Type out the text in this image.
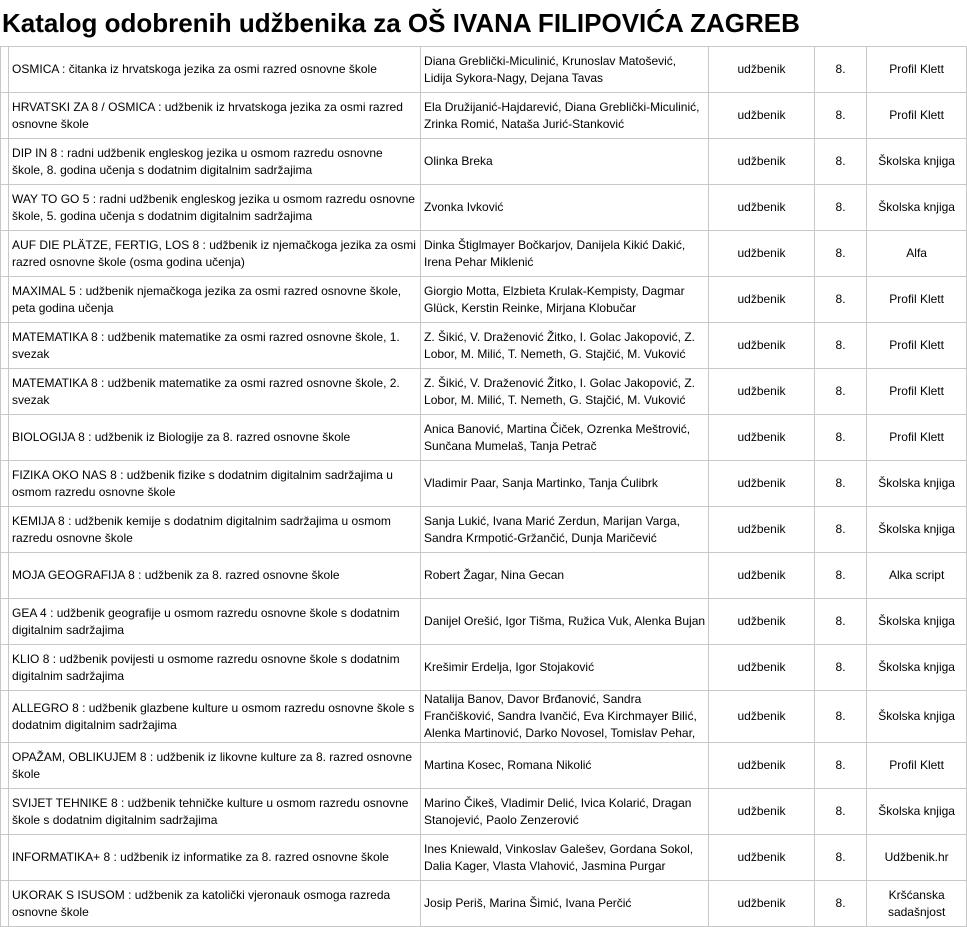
Katalog odobrenih udžbenika za OŠ IVANA FILIPOVIĆA ZAGREB

	OSMICA : čitanka iz hrvatskoga jezika za osmi razred osnovne škole	Diana Greblički-Miculinić, Krunoslav Matošević, Lidija Sykora-Nagy, Dejana Tavas	udžbenik	8.	Profil Klett

	HRVATSKI ZA 8 / OSMICA : udžbenik iz hrvatskoga jezika za osmi razred osnovne škole	Ela Družijanić-Hajdarević, Diana Greblički-Miculinić, Zrinka Romić, Nataša Jurić-Stanković	udžbenik	8.	Profil Klett

	DIP IN 8 : radni udžbenik engleskog jezika u osmom razredu osnovne škole, 8. godina učenja s dodatnim digitalnim sadržajima	Olinka Breka	udžbenik	8.	Školska knjiga

	WAY TO GO 5 : radni udžbenik engleskog jezika u osmom razredu osnovne škole, 5. godina učenja s dodatnim digitalnim sadržajima	Zvonka Ivković	udžbenik	8.	Školska knjiga

	AUF DIE PLÄTZE, FERTIG, LOS 8 : udžbenik iz njemačkoga jezika za osmi razred osnovne škole (osma godina učenja)	Dinka Štiglmayer Bočkarjov, Danijela Kikić Dakić, Irena Pehar Miklenić	udžbenik	8.	Alfa

	MAXIMAL 5 : udžbenik njemačkoga jezika za osmi razred osnovne škole, peta godina učenja	Giorgio Motta, Elzbieta Krulak-Kempisty, Dagmar Glück, Kerstin Reinke, Mirjana Klobučar	udžbenik	8.	Profil Klett

	MATEMATIKA 8 : udžbenik matematike za osmi razred osnovne škole, 1. svezak	Z. Šikić, V. Draženović Žitko, I. Golac Jakopović, Z. Lobor, M. Milić, T. Nemeth, G. Stajčić, M. Vuković	udžbenik	8.	Profil Klett

	MATEMATIKA 8 : udžbenik matematike za osmi razred osnovne škole, 2. svezak	Z. Šikić, V. Draženović Žitko, I. Golac Jakopović, Z. Lobor, M. Milić, T. Nemeth, G. Stajčić, M. Vuković	udžbenik	8.	Profil Klett

	BIOLOGIJA 8 : udžbenik iz Biologije za 8. razred osnovne škole	Anica Banović, Martina Čiček, Ozrenka Meštrović, Sunčana Mumelaš, Tanja Petrač	udžbenik	8.	Profil Klett

	FIZIKA OKO NAS 8 : udžbenik fizike s dodatnim digitalnim sadržajima u osmom razredu osnovne škole	Vladimir Paar, Sanja Martinko, Tanja Ćulibrk	udžbenik	8.	Školska knjiga

	KEMIJA 8 : udžbenik kemije s dodatnim digitalnim sadržajima u osmom razredu osnovne škole	Sanja Lukić, Ivana Marić Zerdun, Marijan Varga, Sandra Krmpotić-Gržančić, Dunja Maričević	udžbenik	8.	Školska knjiga

	MOJA GEOGRAFIJA 8 : udžbenik za 8. razred osnovne škole	Robert Žagar, Nina Gecan	udžbenik	8.	Alka script

	GEA 4 : udžbenik geografije u osmom razredu osnovne škole s dodatnim digitalnim sadržajima	Danijel Orešić, Igor Tišma, Ružica Vuk, Alenka Bujan	udžbenik	8.	Školska knjiga

	KLIO 8 : udžbenik povijesti u osmome razredu osnovne škole s dodatnim digitalnim sadržajima	Krešimir Erdelja, Igor Stojaković	udžbenik	8.	Školska knjiga

	ALLEGRO 8 : udžbenik glazbene kulture u osmom razredu osnovne škole s dodatnim digitalnim sadržajima	Natalija Banov, Davor Brđanović, Sandra Frančišković, Sandra Ivančić, Eva Kirchmayer Bilić, Alenka Martinović, Darko Novosel, Tomislav Pehar,	udžbenik	8.	Školska knjiga

	OPAŽAM, OBLIKUJEM 8 : udžbenik iz likovne kulture za 8. razred osnovne škole	Martina Kosec, Romana Nikolić	udžbenik	8.	Profil Klett

	SVIJET TEHNIKE 8 : udžbenik tehničke kulture u osmom razredu osnovne škole s dodatnim digitalnim sadržajima	Marino Čikeš, Vladimir Delić, Ivica Kolarić, Dragan Stanojević, Paolo Zenzerović	udžbenik	8.	Školska knjiga

	INFORMATIKA+ 8 : udžbenik iz informatike za 8. razred osnovne škole	Ines Kniewald, Vinkoslav Galešev, Gordana Sokol, Dalia Kager, Vlasta Vlahović, Jasmina Purgar	udžbenik	8.	Udžbenik.hr

	UKORAK S ISUSOM : udžbenik za katolički vjeronauk osmoga razreda osnovne škole	Josip Periš, Marina Šimić, Ivana Perčić	udžbenik	8.	Kršćanska sadašnjost
